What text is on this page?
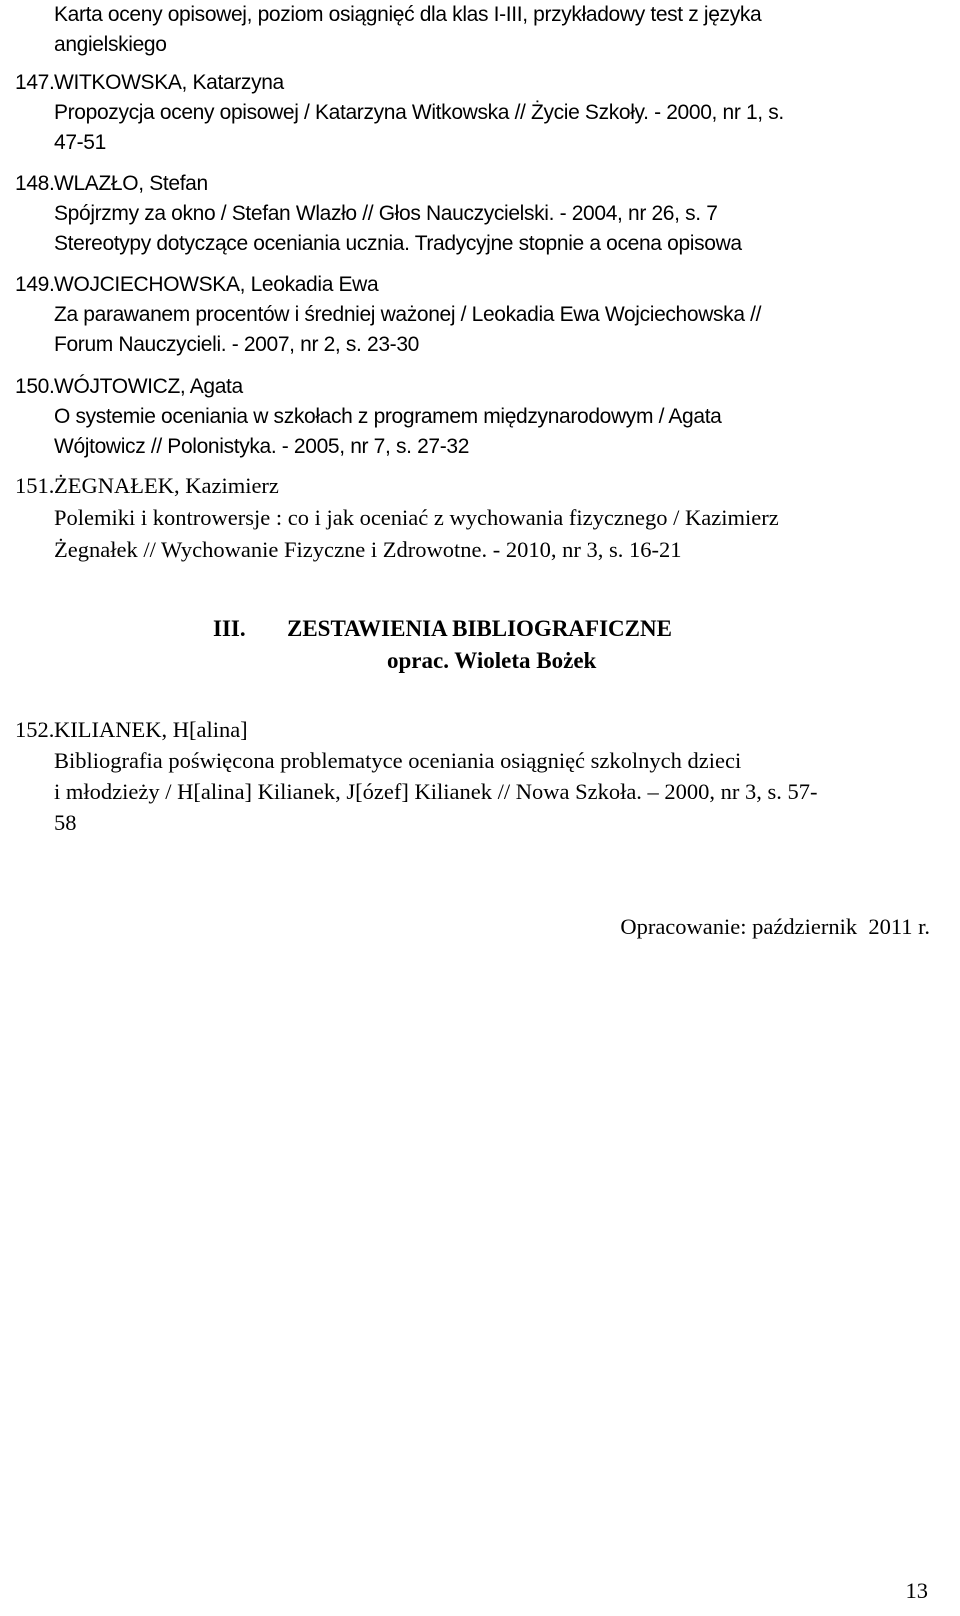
Karta oceny opisowej, poziom osiągnięć dla klas I-III, przykładowy test z języka

angielskiego

147. WITKOWSKA, Katarzyna

Propozycja oceny opisowej / Katarzyna Witkowska // Życie Szkoły. - 2000, nr 1, s.

47-51

148. WLAZŁO, Stefan

Spójrzmy za okno / Stefan Wlazło // Głos Nauczycielski. - 2004, nr 26, s. 7

Stereotypy dotyczące oceniania ucznia. Tradycyjne stopnie a ocena opisowa

149. WOJCIECHOWSKA, Leokadia Ewa

Za parawanem procentów i średniej ważonej / Leokadia Ewa Wojciechowska //

Forum Nauczycieli. - 2007, nr 2, s. 23-30

150. WÓJTOWICZ, Agata

O systemie oceniania w szkołach z programem międzynarodowym / Agata

Wójtowicz // Polonistyka. - 2005, nr 7, s. 27-32

151. ŻEGNAŁEK, Kazimierz

Polemiki i kontrowersje : co i jak oceniać z wychowania fizycznego / Kazimierz

Żegnałek // Wychowanie Fizyczne i Zdrowotne. - 2010, nr 3, s. 16-21

III. ZESTAWIENIA BIBLIOGRAFICZNE

oprac. Wioleta Bożek

152. KILIANEK, H[alina]

Bibliografia poświęcona problematyce oceniania osiągnięć szkolnych dzieci

i młodzieży / H[alina] Kilianek, J[ózef] Kilianek // Nowa Szkoła. – 2000, nr 3, s. 57-

58

Opracowanie: październik  2011 r.

13
